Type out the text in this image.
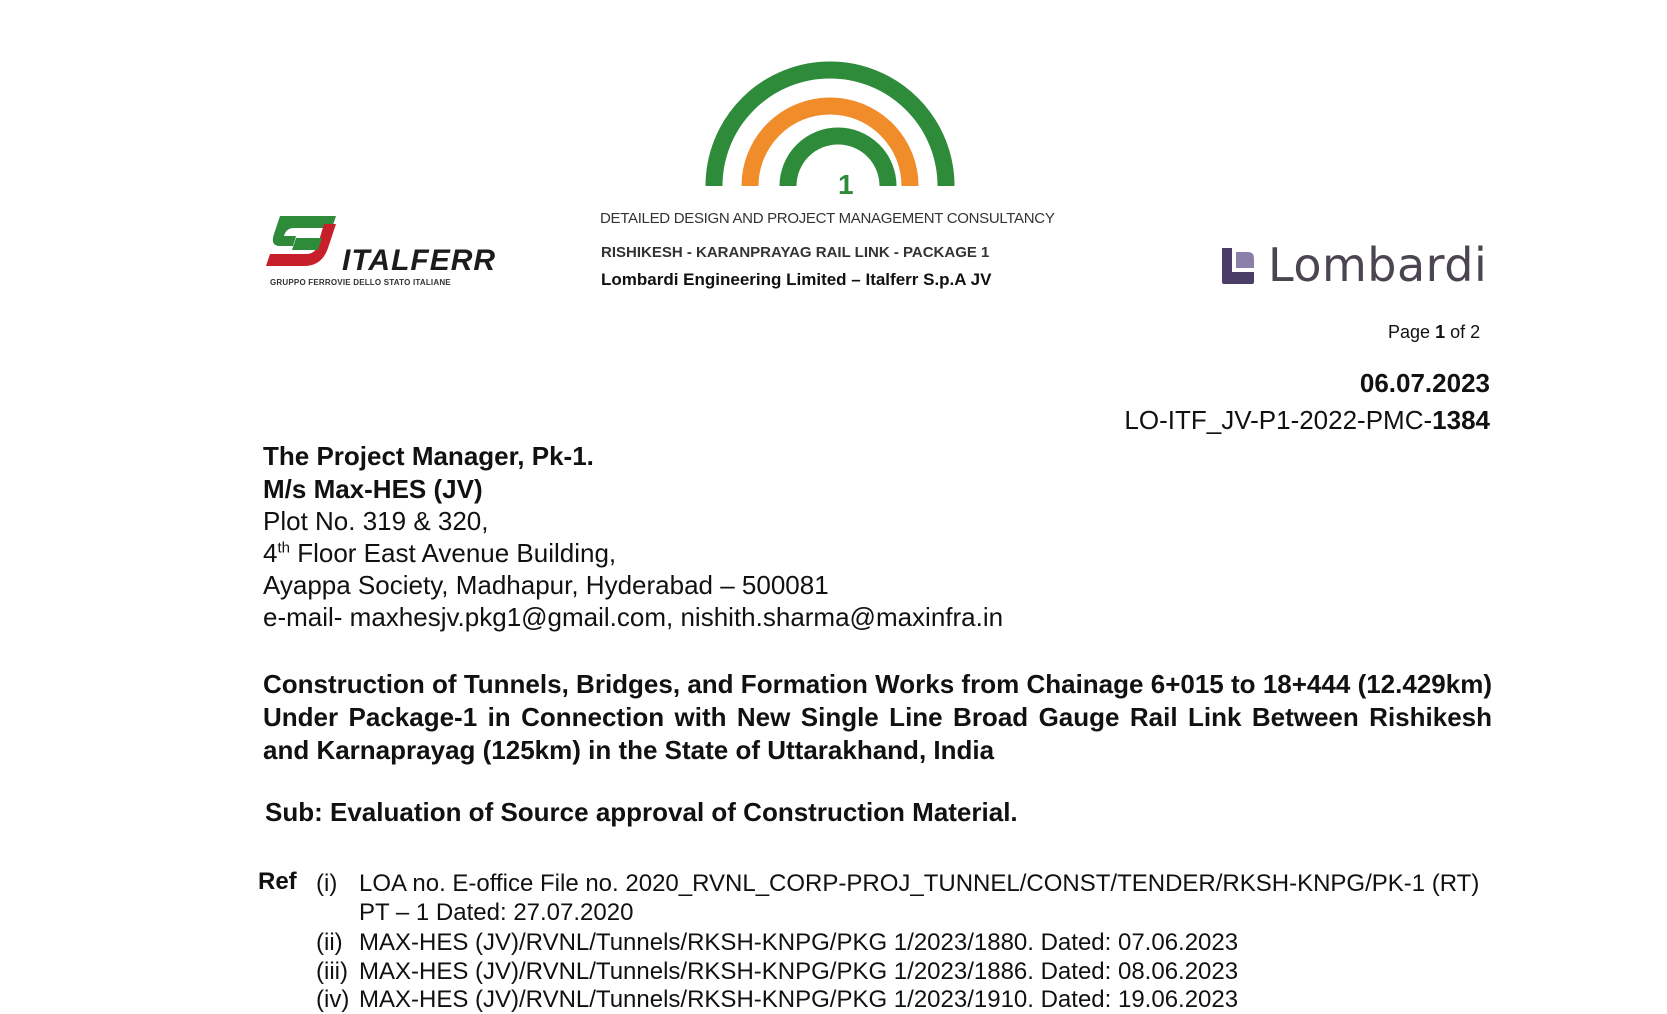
ITALFERR
GRUPPO FERROVIE DELLO STATO ITALIANE
1
DETAILED DESIGN AND PROJECT MANAGEMENT CONSULTANCY
RISHIKESH - KARANPRAYAG RAIL LINK - PACKAGE 1
Lombardi Engineering Limited – Italferr S.p.A JV	Lombardi
Page 1 of 2
06.07.2023
LO-ITF_JV-P1-2022-PMC-1384
The Project Manager, Pk-1.
M/s Max-HES (JV)
Plot No. 319 & 320,
4th Floor East Avenue Building,
Ayappa Society, Madhapur, Hyderabad – 500081
e-mail- maxhesjv.pkg1@gmail.com, nishith.sharma@maxinfra.in
Construction of Tunnels, Bridges, and Formation Works from Chainage 6+015 to 18+444 (12.429km) Under Package-1 in Connection with New Single Line Broad Gauge Rail Link Between Rishikesh and Karnaprayag (125km) in the State of Uttarakhand, India
Sub: Evaluation of Source approval of Construction Material.
Ref (i) LOA no. E-office File no. 2020_RVNL_CORP-PROJ_TUNNEL/CONST/TENDER/RKSH-KNPG/PK-1 (RT)
PT – 1 Dated: 27.07.2020
(ii) MAX-HES (JV)/RVNL/Tunnels/RKSH-KNPG/PKG 1/2023/1880. Dated: 07.06.2023
(iii) MAX-HES (JV)/RVNL/Tunnels/RKSH-KNPG/PKG 1/2023/1886. Dated: 08.06.2023
(iv) MAX-HES (JV)/RVNL/Tunnels/RKSH-KNPG/PKG 1/2023/1910. Dated: 19.06.2023
